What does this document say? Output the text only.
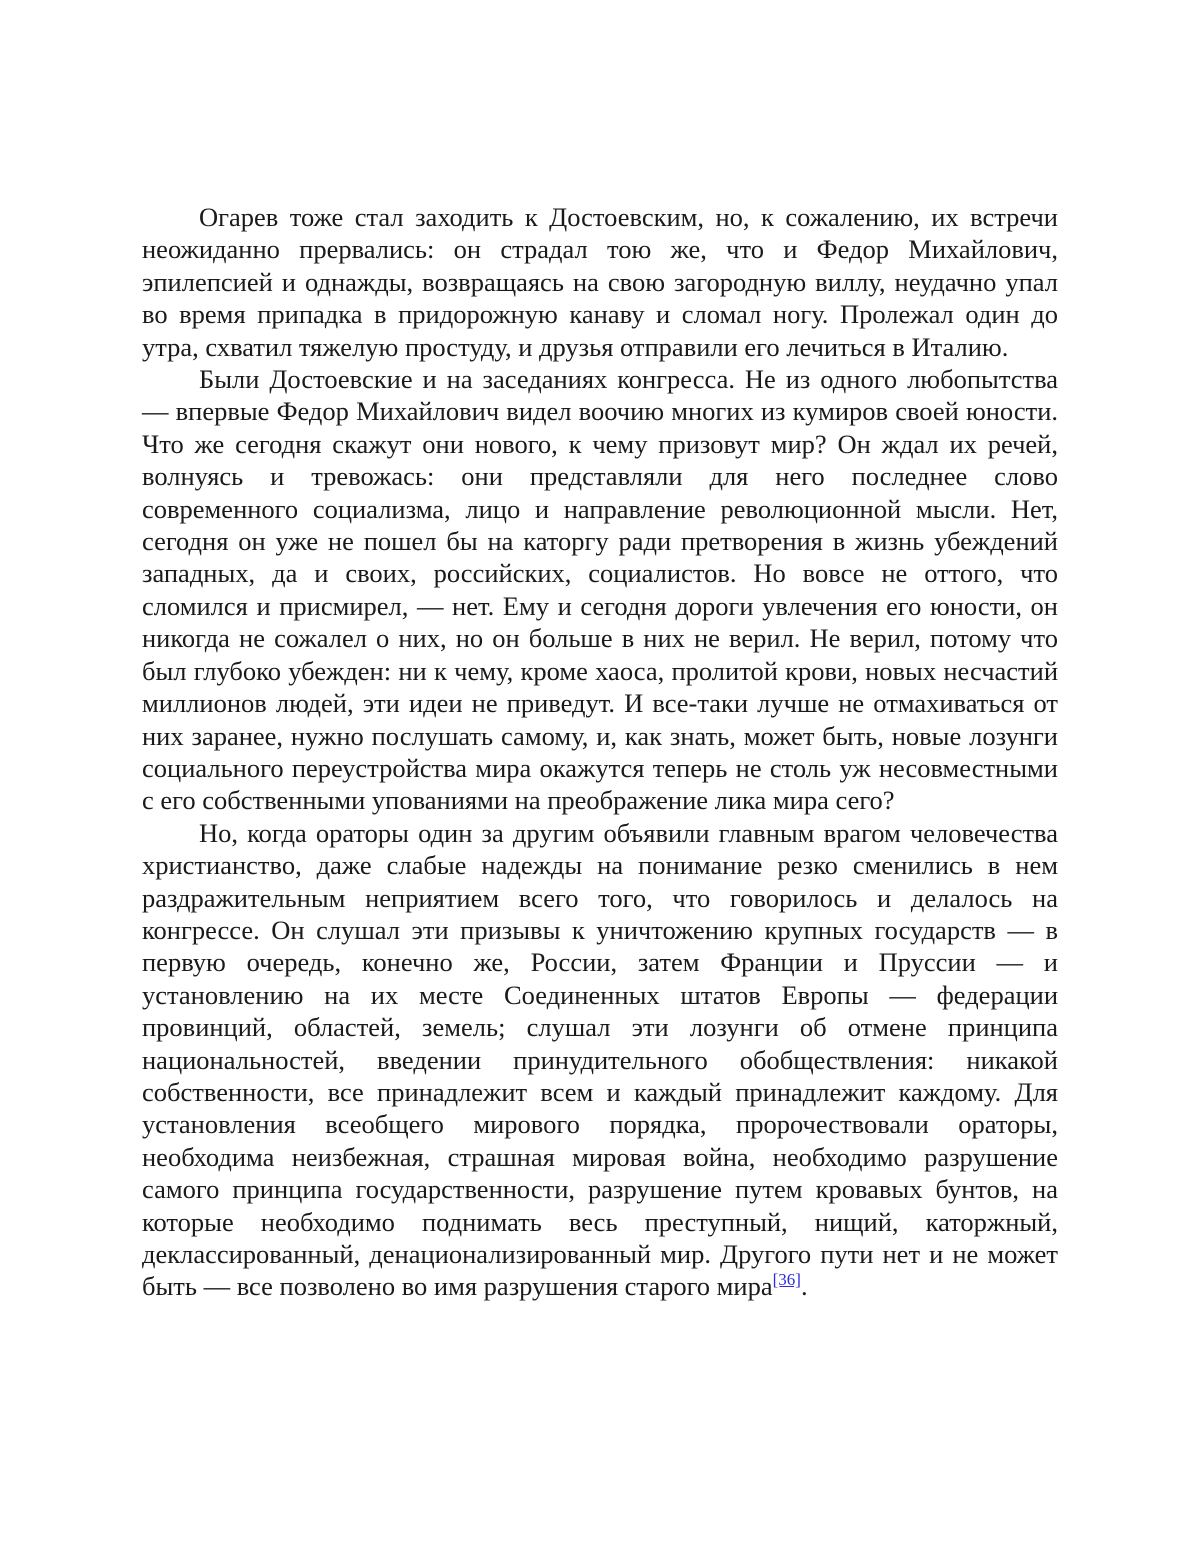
Огарев тоже стал заходить к Достоевским, но, к сожалению, их встречи неожиданно прервались: он страдал тою же, что и Федор Михайлович, эпилепсией и однажды, возвращаясь на свою загородную виллу, неудачно упал во время припадка в придорожную канаву и сломал ногу. Пролежал один до утра, схватил тяжелую простуду, и друзья отправили его лечиться в Италию.

Были Достоевские и на заседаниях конгресса. Не из одного любопытства — впервые Федор Михайлович видел воочию многих из кумиров своей юности. Что же сегодня скажут они нового, к чему призовут мир? Он ждал их речей, волнуясь и тревожась: они представляли для него последнее слово современного социализма, лицо и направление революционной мысли. Нет, сегодня он уже не пошел бы на каторгу ради претворения в жизнь убеждений западных, да и своих, российских, социалистов. Но вовсе не оттого, что сломился и присмирел, — нет. Ему и сегодня дороги увлечения его юности, он никогда не сожалел о них, но он больше в них не верил. Не верил, потому что был глубоко убежден: ни к чему, кроме хаоса, пролитой крови, новых несчастий миллионов людей, эти идеи не приведут. И все-таки лучше не отмахиваться от них заранее, нужно послушать самому, и, как знать, может быть, новые лозунги социального переустройства мира окажутся теперь не столь уж несовместными с его собственными упованиями на преображение лика мира сего?

Но, когда ораторы один за другим объявили главным врагом человечества христианство, даже слабые надежды на понимание резко сменились в нем раздражительным неприятием всего того, что говорилось и делалось на конгрессе. Он слушал эти призывы к уничтожению крупных государств — в первую очередь, конечно же, России, затем Франции и Пруссии — и установлению на их месте Соединенных штатов Европы — федерации провинций, областей, земель; слушал эти лозунги об отмене принципа национальностей, введении принудительного обобществления: никакой собственности, все принадлежит всем и каждый принадлежит каждому. Для установления всеобщего мирового порядка, пророчествовали ораторы, необходима неизбежная, страшная мировая война, необходимо разрушение самого принципа государственности, разрушение путем кровавых бунтов, на которые необходимо поднимать весь преступный, нищий, каторжный, деклассированный, денационализированный мир. Другого пути нет и не может быть — все позволено во имя разрушения старого мира[36].
